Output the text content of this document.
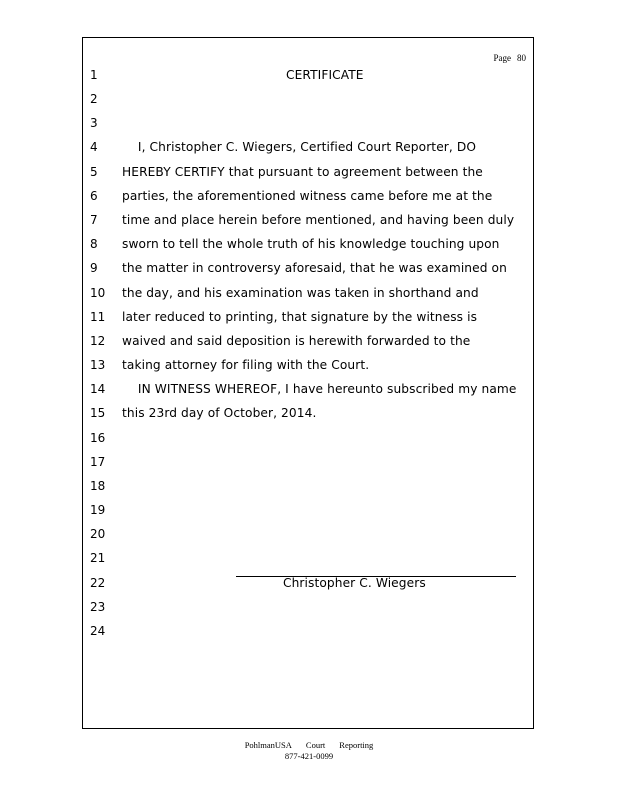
Page 80
1
2
3
4
5
6
7
8
9
10
11
12
13
14
15
16
17
18
19
20
21
22
23
24
CERTIFICATE
I, Christopher C. Wiegers, Certified Court Reporter, DO
HEREBY CERTIFY that pursuant to agreement between the
parties, the aforementioned witness came before me at the
time and place herein before mentioned, and having been duly
sworn to tell the whole truth of his knowledge touching upon
the matter in controversy aforesaid, that he was examined on
the day, and his examination was taken in shorthand and
later reduced to printing, that signature by the witness is
waived and said deposition is herewith forwarded to the
taking attorney for filing with the Court.
IN WITNESS WHEREOF, I have hereunto subscribed my name
this 23rd day of October, 2014.
Christopher C. Wiegers
PohlmanUSA Court Reporting
877-421-0099
